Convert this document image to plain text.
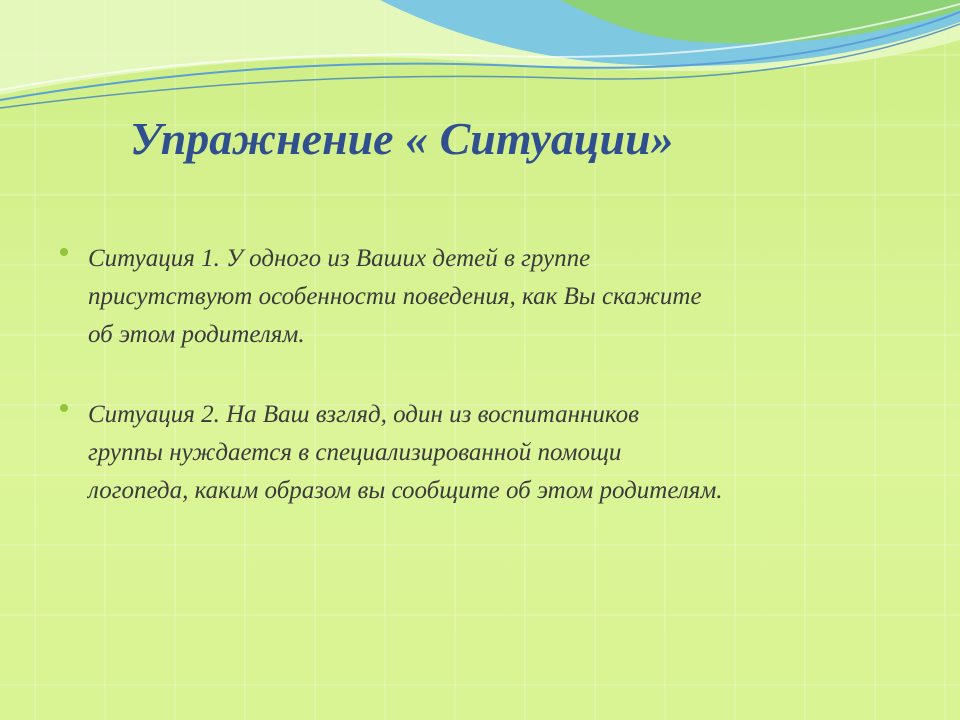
Упражнение « Ситуации»

Ситуация 1. У одного из Ваших детей в группе
присутствуют особенности поведения, как Вы скажите
об этом родителям.

Ситуация 2. На Ваш взгляд, один из воспитанников
группы нуждается в специализированной помощи
логопеда, каким образом вы сообщите об этом родителям.
